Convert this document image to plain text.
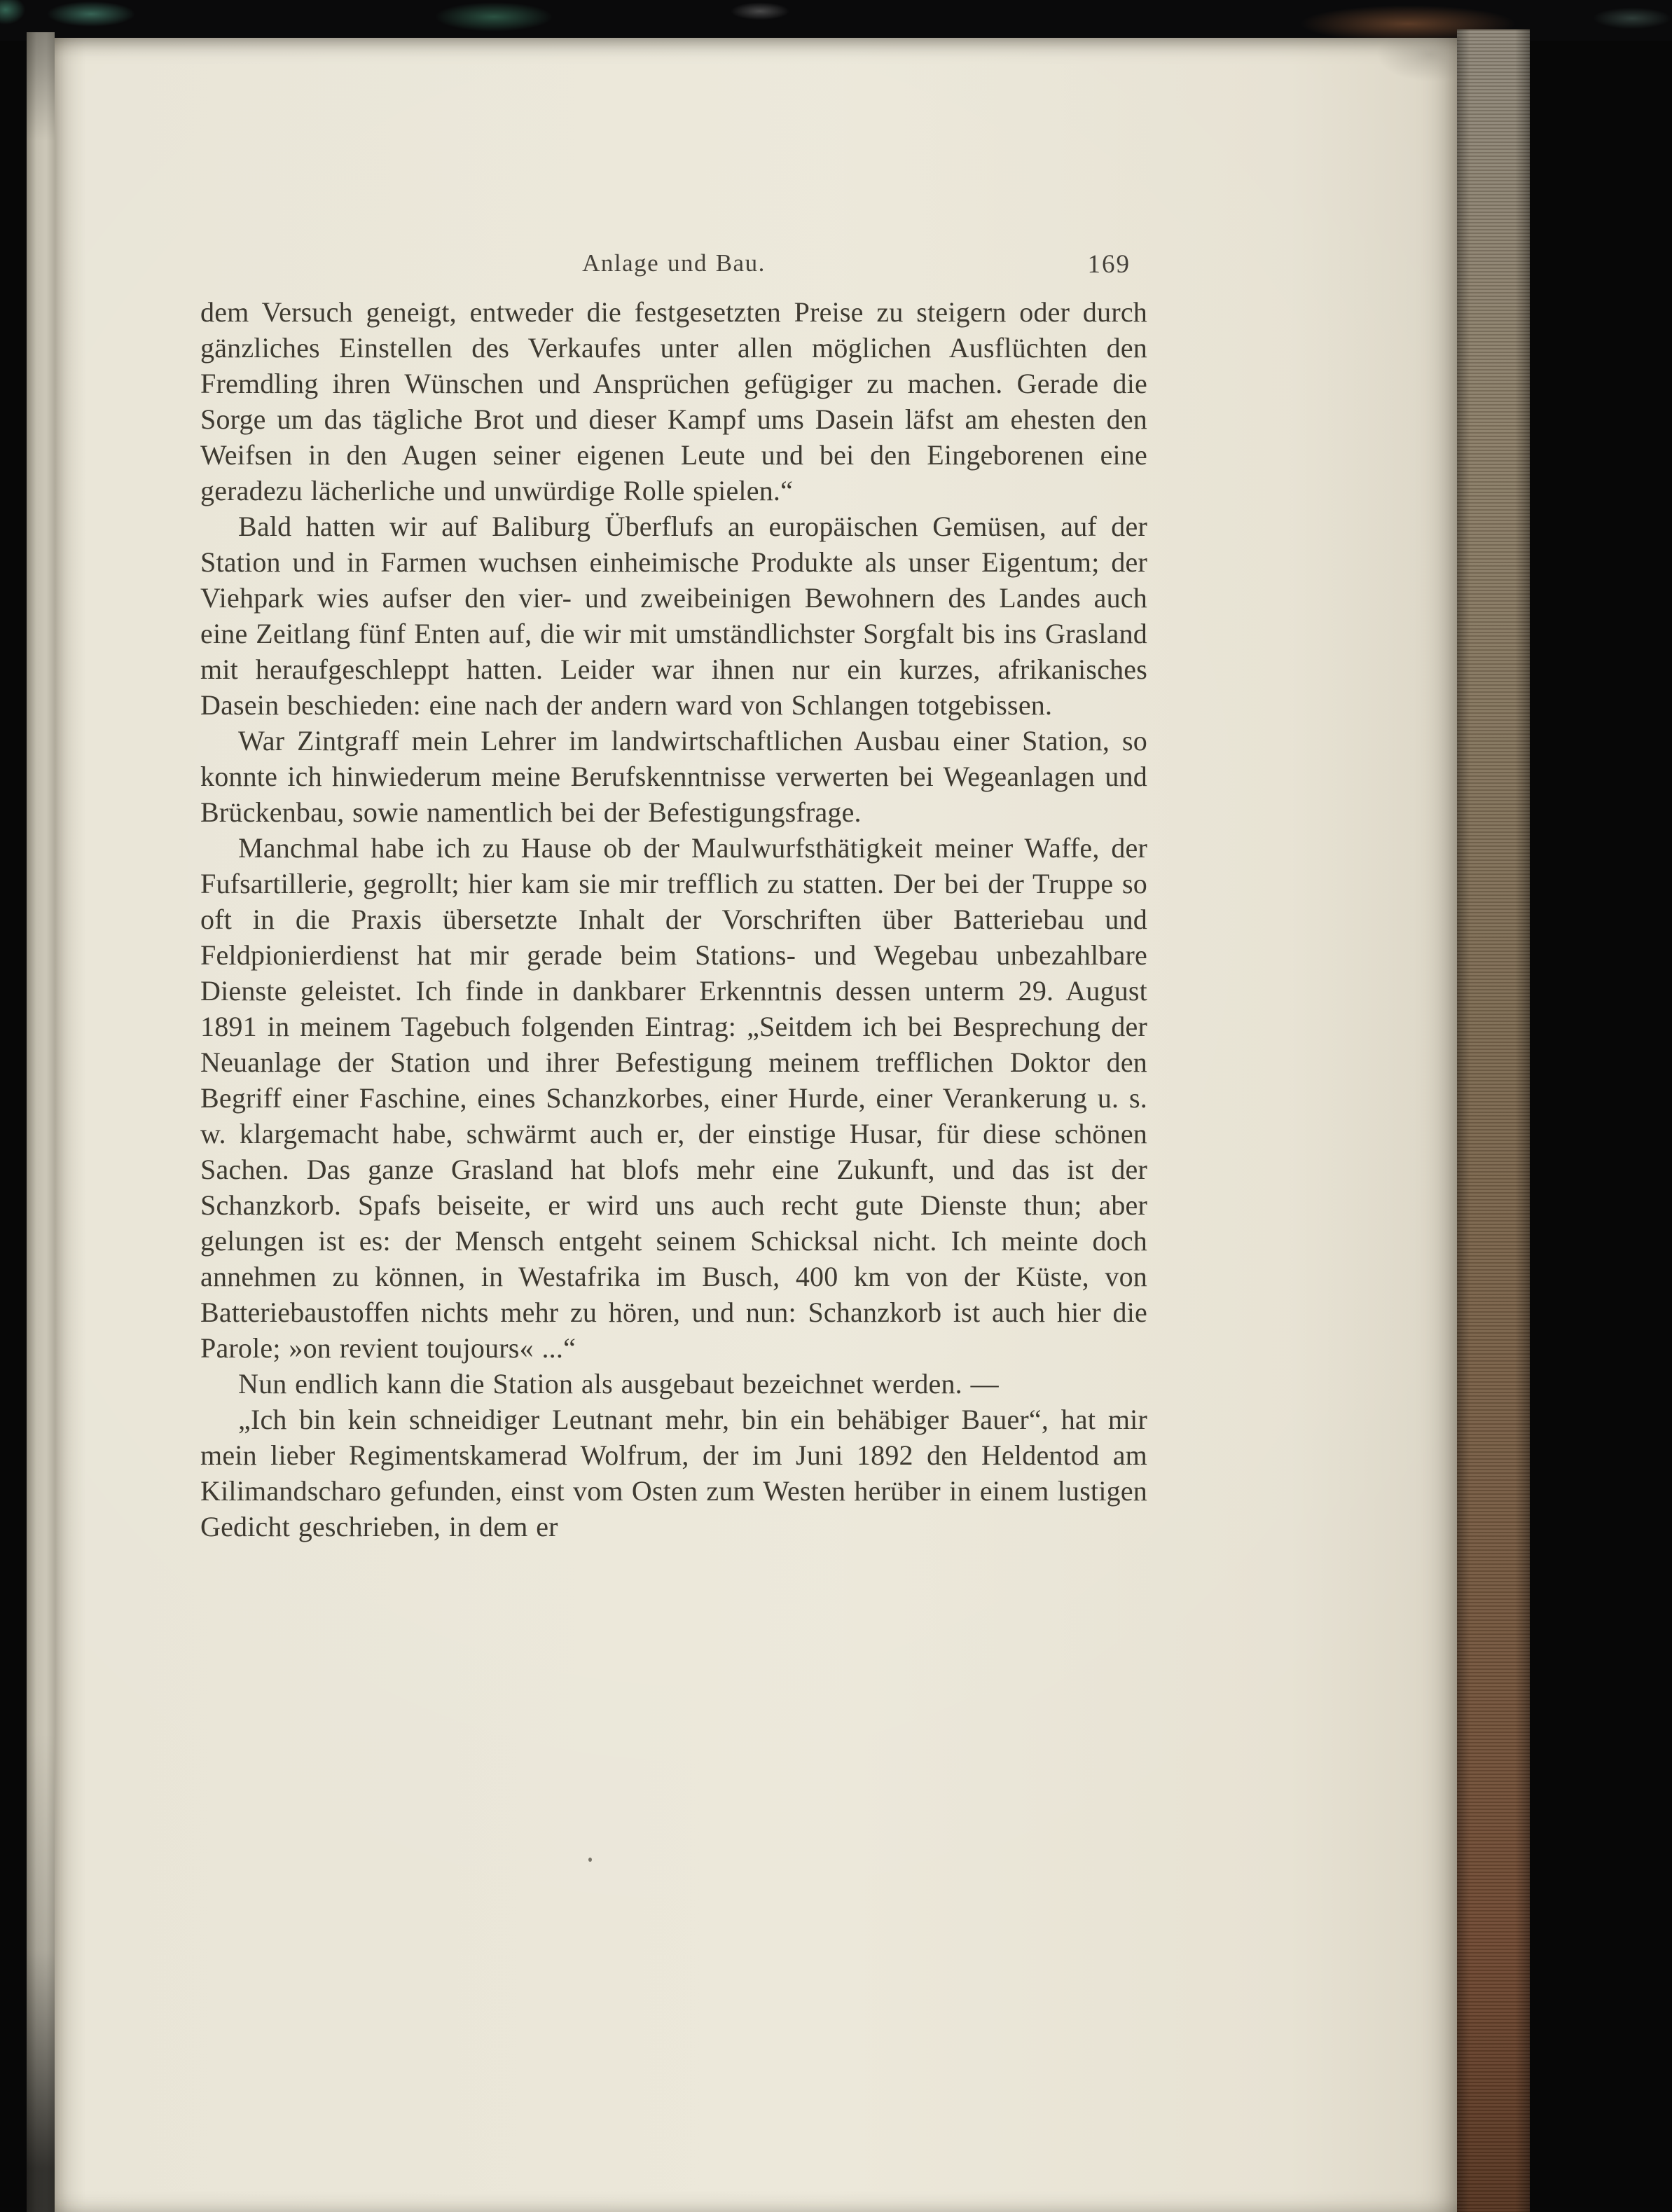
Anlage und Bau.	169

dem Versuch geneigt, entweder die festgesetzten Preise zu steigern oder durch gänzliches Einstellen des Verkaufes unter allen möglichen Ausflüchten den Fremdling ihren Wünschen und Ansprüchen gefügiger zu machen. Gerade die Sorge um das tägliche Brot und dieser Kampf ums Dasein läfst am ehesten den Weifsen in den Augen seiner eigenen Leute und bei den Eingeborenen eine geradezu lächerliche und unwürdige Rolle spielen.“

Bald hatten wir auf Baliburg Überflufs an europäischen Gemüsen, auf der Station und in Farmen wuchsen einheimische Produkte als unser Eigentum; der Viehpark wies aufser den vier- und zweibeinigen Bewohnern des Landes auch eine Zeitlang fünf Enten auf, die wir mit umständlichster Sorgfalt bis ins Grasland mit heraufgeschleppt hatten. Leider war ihnen nur ein kurzes, afrikanisches Dasein beschieden: eine nach der andern ward von Schlangen totgebissen.

War Zintgraff mein Lehrer im landwirtschaftlichen Ausbau einer Station, so konnte ich hinwiederum meine Berufskenntnisse verwerten bei Wegeanlagen und Brückenbau, sowie namentlich bei der Befestigungsfrage.

Manchmal habe ich zu Hause ob der Maulwurfsthätigkeit meiner Waffe, der Fufsartillerie, gegrollt; hier kam sie mir trefflich zu statten. Der bei der Truppe so oft in die Praxis übersetzte Inhalt der Vorschriften über Batteriebau und Feldpionierdienst hat mir gerade beim Stations- und Wegebau unbezahlbare Dienste geleistet. Ich finde in dankbarer Erkenntnis dessen unterm 29. August 1891 in meinem Tagebuch folgenden Eintrag: „Seitdem ich bei Besprechung der Neuanlage der Station und ihrer Befestigung meinem trefflichen Doktor den Begriff einer Faschine, eines Schanzkorbes, einer Hurde, einer Verankerung u. s. w. klargemacht habe, schwärmt auch er, der einstige Husar, für diese schönen Sachen. Das ganze Grasland hat blofs mehr eine Zukunft, und das ist der Schanzkorb. Spafs beiseite, er wird uns auch recht gute Dienste thun; aber gelungen ist es: der Mensch entgeht seinem Schicksal nicht. Ich meinte doch annehmen zu können, in Westafrika im Busch, 400 km von der Küste, von Batteriebaustoffen nichts mehr zu hören, und nun: Schanzkorb ist auch hier die Parole; »on revient toujours« ...“

Nun endlich kann die Station als ausgebaut bezeichnet werden. —

„Ich bin kein schneidiger Leutnant mehr, bin ein behäbiger Bauer“, hat mir mein lieber Regimentskamerad Wolfrum, der im Juni 1892 den Heldentod am Kilimandscharo gefunden, einst vom Osten zum Westen herüber in einem lustigen Gedicht geschrieben, in dem er
